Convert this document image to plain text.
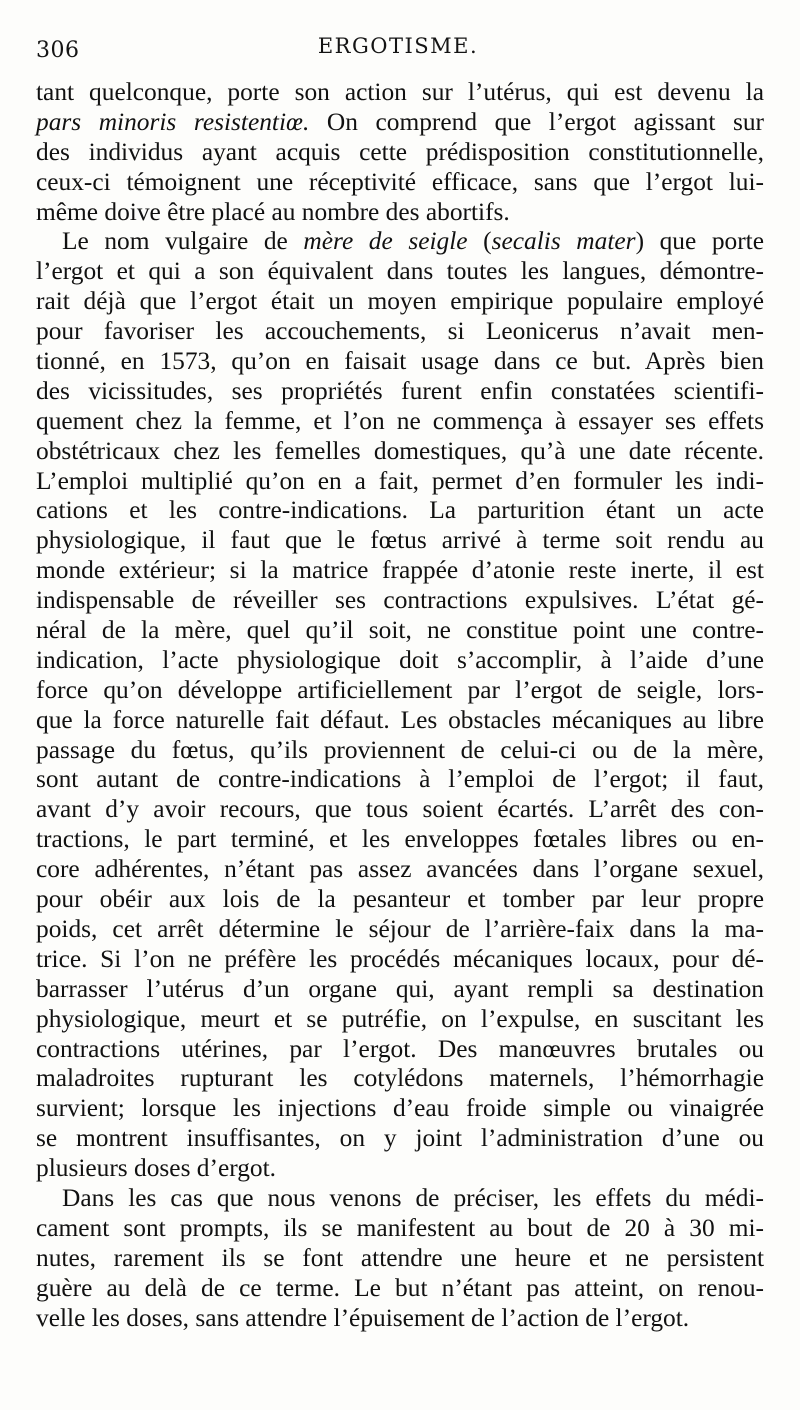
306	ERGOTISME.
tant quelconque, porte son action sur l’utérus, qui est devenu la
pars minoris resistentiœ. On comprend que l’ergot agissant sur
des individus ayant acquis cette prédisposition constitutionnelle,
ceux-ci témoignent une réceptivité efficace, sans que l’ergot lui-
même doive être placé au nombre des abortifs.
Le nom vulgaire de mère de seigle (secalis mater) que porte
l’ergot et qui a son équivalent dans toutes les langues, démontre-
rait déjà que l’ergot était un moyen empirique populaire employé
pour favoriser les accouchements, si Leonicerus n’avait men-
tionné, en 1573, qu’on en faisait usage dans ce but. Après bien
des vicissitudes, ses propriétés furent enfin constatées scientifi-
quement chez la femme, et l’on ne commença à essayer ses effets
obstétricaux chez les femelles domestiques, qu’à une date récente.
L’emploi multiplié qu’on en a fait, permet d’en formuler les indi-
cations et les contre-indications. La parturition étant un acte
physiologique, il faut que le fœtus arrivé à terme soit rendu au
monde extérieur; si la matrice frappée d’atonie reste inerte, il est
indispensable de réveiller ses contractions expulsives. L’état gé-
néral de la mère, quel qu’il soit, ne constitue point une contre-
indication, l’acte physiologique doit s’accomplir, à l’aide d’une
force qu’on développe artificiellement par l’ergot de seigle, lors-
que la force naturelle fait défaut. Les obstacles mécaniques au libre
passage du fœtus, qu’ils proviennent de celui-ci ou de la mère,
sont autant de contre-indications à l’emploi de l’ergot; il faut,
avant d’y avoir recours, que tous soient écartés. L’arrêt des con-
tractions, le part terminé, et les enveloppes fœtales libres ou en-
core adhérentes, n’étant pas assez avancées dans l’organe sexuel,
pour obéir aux lois de la pesanteur et tomber par leur propre
poids, cet arrêt détermine le séjour de l’arrière-faix dans la ma-
trice. Si l’on ne préfère les procédés mécaniques locaux, pour dé-
barrasser l’utérus d’un organe qui, ayant rempli sa destination
physiologique, meurt et se putréfie, on l’expulse, en suscitant les
contractions utérines, par l’ergot. Des manœuvres brutales ou
maladroites rupturant les cotylédons maternels, l’hémorrhagie
survient; lorsque les injections d’eau froide simple ou vinaigrée
se montrent insuffisantes, on y joint l’administration d’une ou
plusieurs doses d’ergot.
Dans les cas que nous venons de préciser, les effets du médi-
cament sont prompts, ils se manifestent au bout de 20 à 30 mi-
nutes, rarement ils se font attendre une heure et ne persistent
guère au delà de ce terme. Le but n’étant pas atteint, on renou-
velle les doses, sans attendre l’épuisement de l’action de l’ergot.
